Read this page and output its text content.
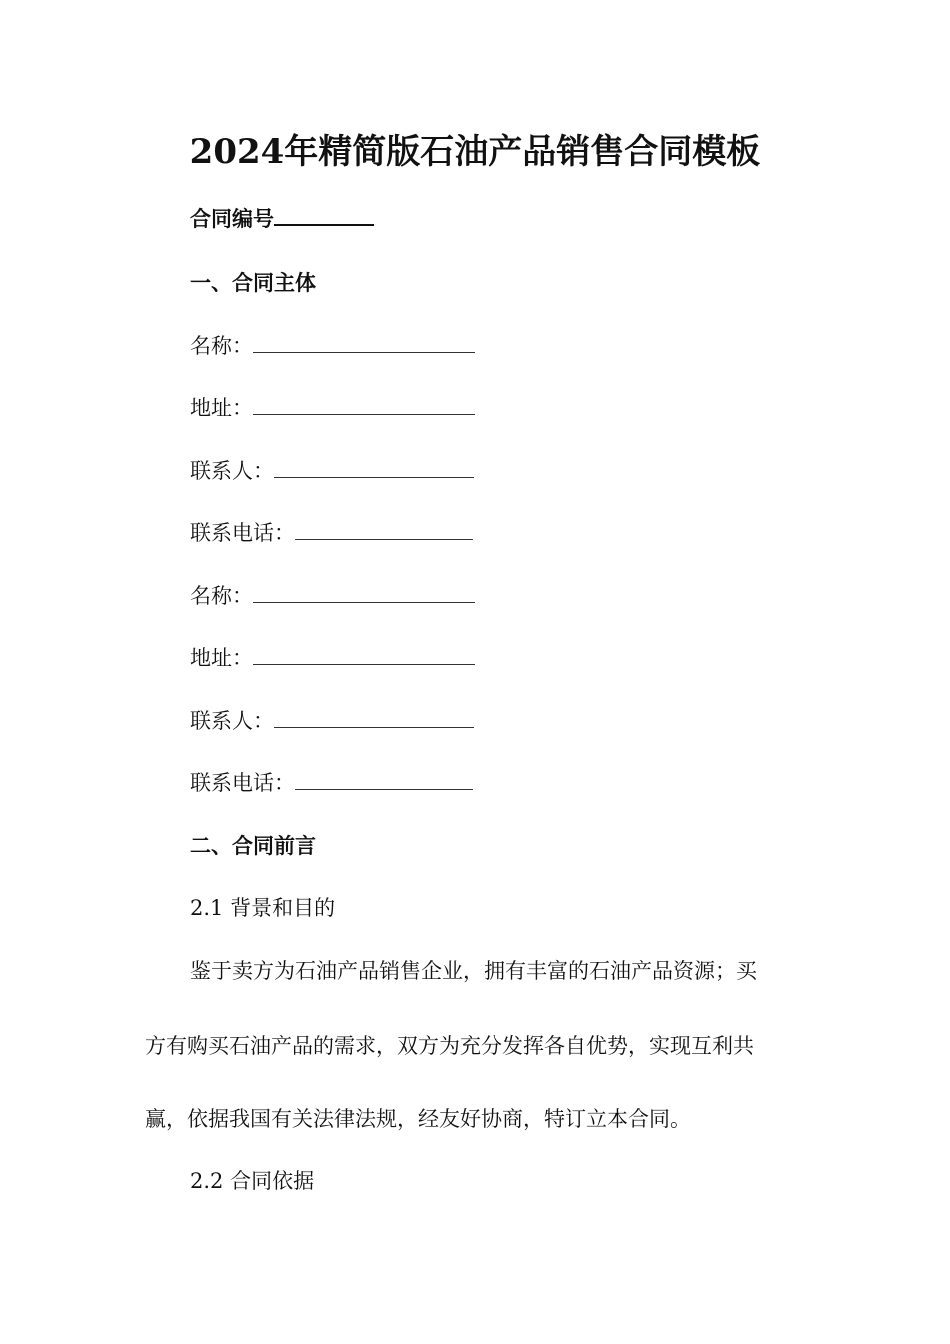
2024年精简版石油产品销售合同模板
合同编号
一、合同主体
名称：
地址：
联系人：
联系电话：
名称：
地址：
联系人：
联系电话：
二、合同前言
2.1 背景和目的
鉴于卖方为石油产品销售企业，拥有丰富的石油产品资源；买
方有购买石油产品的需求，双方为充分发挥各自优势，实现互利共
赢，依据我国有关法律法规，经友好协商，特订立本合同。
2.2 合同依据
